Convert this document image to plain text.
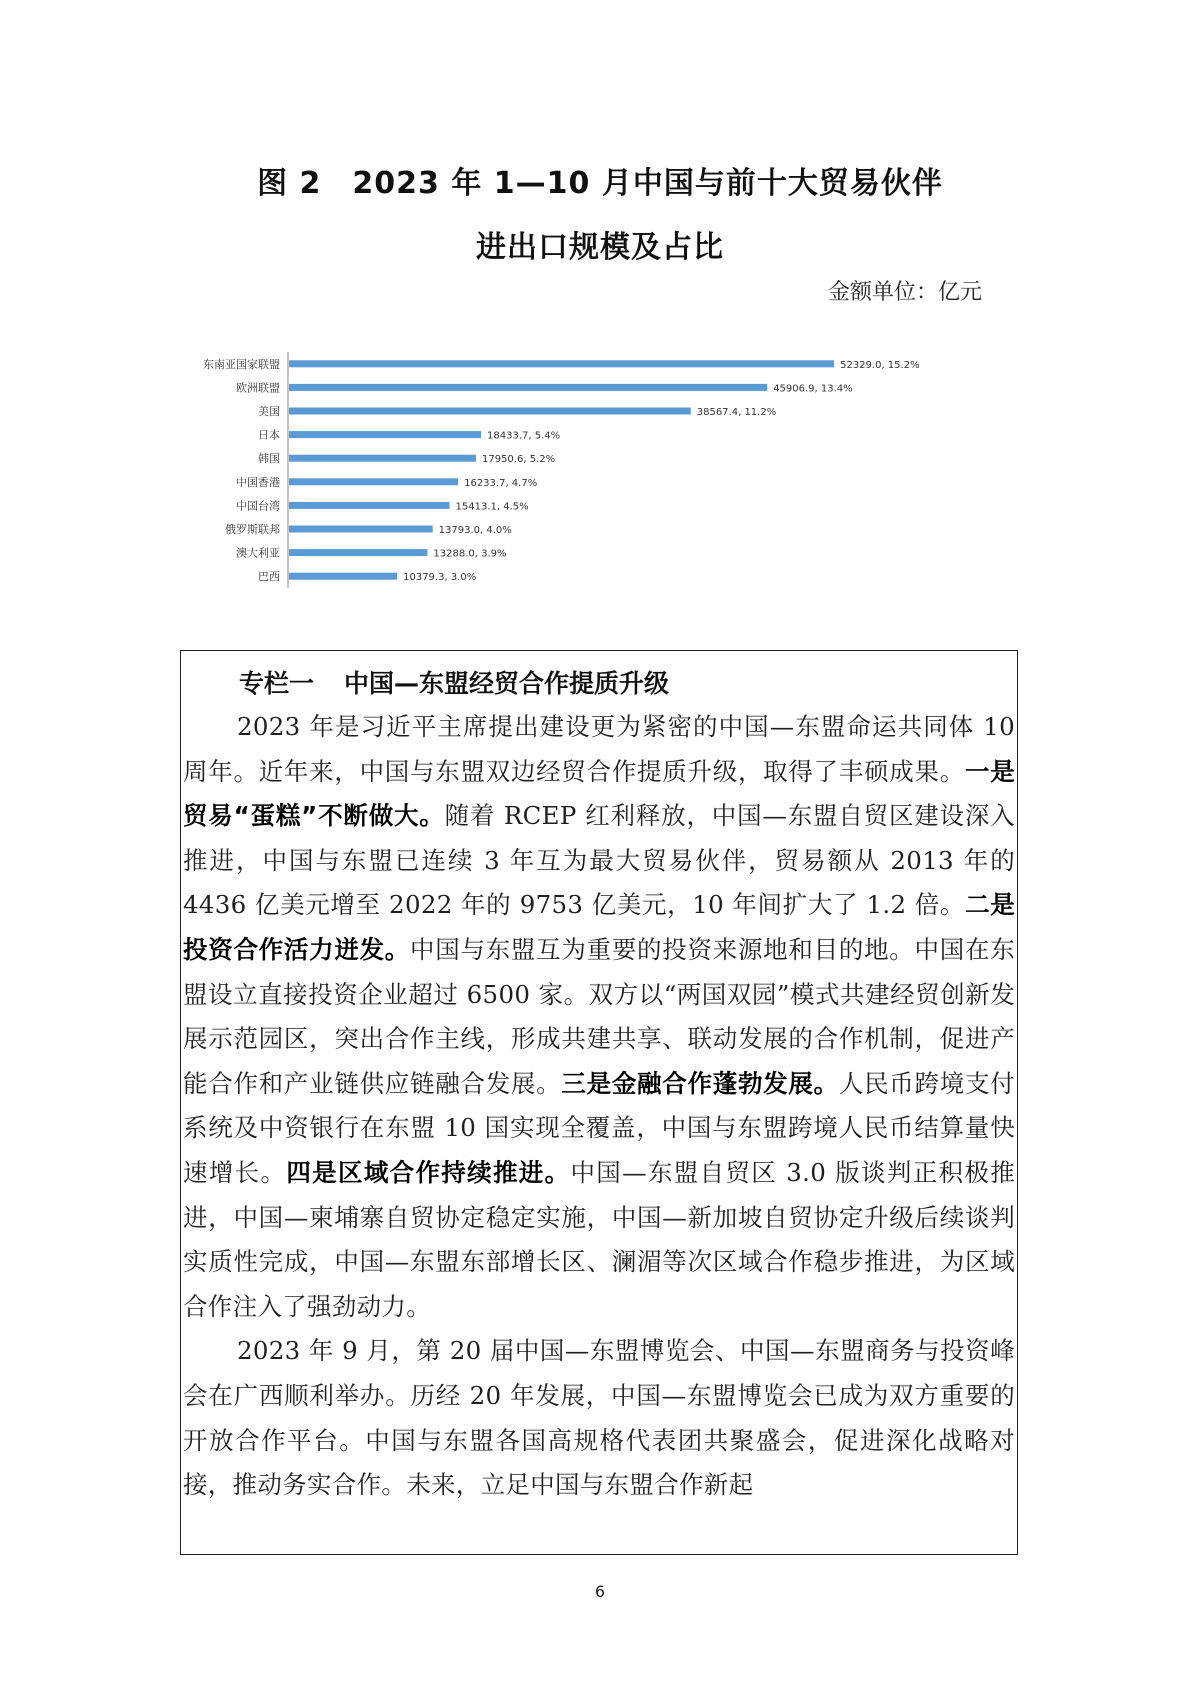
图 2　2023 年 1—10 月中国与前十大贸易伙伴
进出口规模及占比
金额单位：亿元
东南亚国家联盟	52329.0, 15.2%
欧洲联盟	45906.9, 13.4%
美国	38567.4, 11.2%
日本	18433.7, 5.4%
韩国	17950.6, 5.2%
中国香港	16233.7, 4.7%
中国台湾	15413.1, 4.5%
俄罗斯联邦	13793.0, 4.0%
澳大利亚	13288.0, 3.9%
巴西	10379.3, 3.0%
专栏一 中国—东盟经贸合作提质升级

2023 年是习近平主席提出建设更为紧密的中国—东盟命运共同体 10 周年。近年来，中国与东盟双边经贸合作提质升级，取得了丰硕成果。一是贸易“蛋糕”不断做大。随着 RCEP 红利释放，中国—东盟自贸区建设深入推进，中国与东盟已连续 3 年互为最大贸易伙伴，贸易额从 2013 年的 4436 亿美元增至 2022 年的 9753 亿美元，10 年间扩大了 1.2 倍。二是投资合作活力迸发。中国与东盟互为重要的投资来源地和目的地。中国在东盟设立直接投资企业超过 6500 家。双方以“两国双园”模式共建经贸创新发展示范园区，突出合作主线，形成共建共享、联动发展的合作机制，促进产能合作和产业链供应链融合发展。三是金融合作蓬勃发展。人民币跨境支付系统及中资银行在东盟 10 国实现全覆盖，中国与东盟跨境人民币结算量快速增长。四是区域合作持续推进。中国—东盟自贸区 3.0 版谈判正积极推进，中国—柬埔寨自贸协定稳定实施，中国—新加坡自贸协定升级后续谈判实质性完成，中国—东盟东部增长区、澜湄等次区域合作稳步推进，为区域合作注入了强劲动力。

2023 年 9 月，第 20 届中国—东盟博览会、中国—东盟商务与投资峰会在广西顺利举办。历经 20 年发展，中国—东盟博览会已成为双方重要的开放合作平台。中国与东盟各国高规格代表团共聚盛会，促进深化战略对接，推动务实合作。未来，立足中国与东盟合作新起

6
